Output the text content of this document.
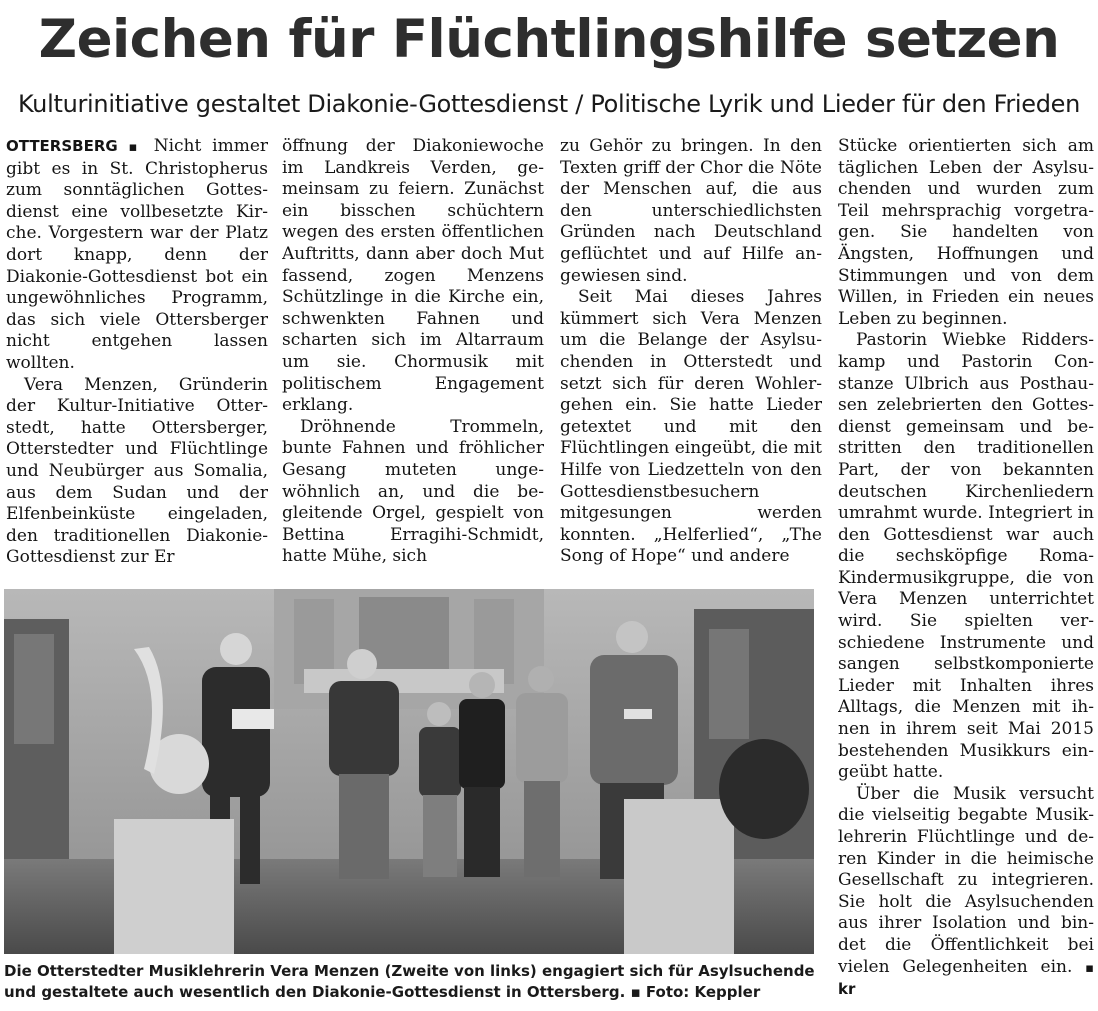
Zeichen für Flüchtlingshilfe setzen
Kulturinitiative gestaltet Diakonie-Gottesdienst / Politische Lyrik und Lieder für den Frieden

OTTERSBERG ▪ Nicht immer gibt es in St. Christopherus zum sonntäglichen Gottesdienst eine vollbesetzte Kirche. Vorgestern war der Platz dort knapp, denn der Diakonie-Gottesdienst bot ein ungewöhnliches Programm, das sich viele Ottersberger nicht entgehen lassen wollten.

Vera Menzen, Gründerin der Kultur-Initiative Otterstedt, hatte Ottersberger, Otterstedter und Flüchtlinge und Neubürger aus Somalia, aus dem Sudan und der Elfenbeinküste eingeladen, den traditionellen Diakonie-Gottesdienst zur Er

öffnung der Diakoniewoche im Landkreis Verden, gemeinsam zu feiern. Zunächst ein bisschen schüchtern wegen des ersten öffentlichen Auftritts, dann aber doch Mut fassend, zogen Menzens Schützlinge in die Kirche ein, schwenkten Fahnen und scharten sich im Altarraum um sie. Chormusik mit politischem Engagement erklang.

Dröhnende Trommeln, bunte Fahnen und fröhlicher Gesang muteten ungewöhnlich an, und die begleitende Orgel, gespielt von Bettina Erragihi-Schmidt, hatte Mühe, sich

zu Gehör zu bringen. In den Texten griff der Chor die Nöte der Menschen auf, die aus den unterschiedlichsten Gründen nach Deutschland geflüchtet und auf Hilfe angewiesen sind.

Seit Mai dieses Jahres kümmert sich Vera Menzen um die Belange der Asylsuchenden in Otterstedt und setzt sich für deren Wohlergehen ein. Sie hatte Lieder getextet und mit den Flüchtlingen eingeübt, die mit Hilfe von Liedzetteln von den Gottesdienstbesuchern mitgesungen werden konnten. „Helferlied“, „The Song of Hope“ und andere

Stücke orientierten sich am täglichen Leben der Asylsuchenden und wurden zum Teil mehrsprachig vorgetragen. Sie handelten von Ängsten, Hoffnungen und Stimmungen und von dem Willen, in Frieden ein neues Leben zu beginnen.

Pastorin Wiebke Ridderskamp und Pastorin Constanze Ulbrich aus Posthausen zelebrierten den Gottesdienst gemeinsam und bestritten den traditionellen Part, der von bekannten deutschen Kirchenliedern umrahmt wurde. Integriert in den Gottesdienst war auch die sechsköpfige Roma-Kindermusikgruppe, die von Vera Menzen unterrichtet wird. Sie spielten verschiedene Instrumente und sangen selbstkomponierte Lieder mit Inhalten ihres Alltags, die Menzen mit ihnen in ihrem seit Mai 2015 bestehenden Musikkurs eingeübt hatte.

Über die Musik versucht die vielseitig begabte Musiklehrerin Flüchtlinge und deren Kinder in die heimische Gesellschaft zu integrieren. Sie holt die Asylsuchenden aus ihrer Isolation und bindet die Öffentlichkeit bei vielen Gelegenheiten ein. ▪ kr

Die Otterstedter Musiklehrerin Vera Menzen (Zweite von links) engagiert sich für Asylsuchende und gestaltete auch wesentlich den Diakonie-Gottesdienst in Ottersberg. ▪ Foto: Keppler
